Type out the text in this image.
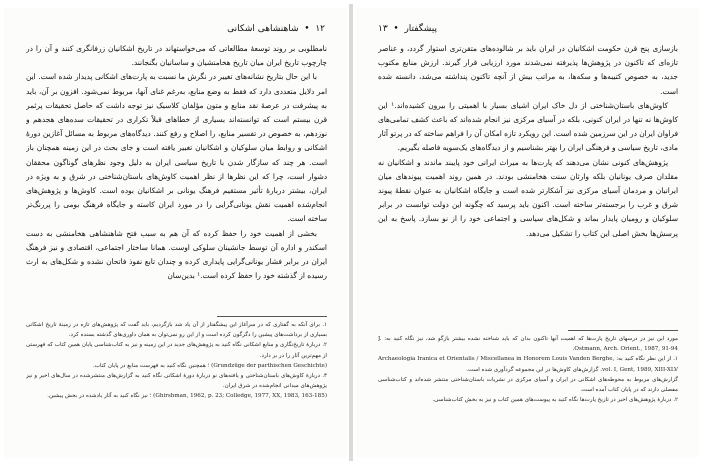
۱۲  •  شاهنشاهی اشکانی

نامطلوبی بر روند توسعهٔ مطالعاتی که می‌خواستهاند در تاریخ اشکانیان زرفانگری کنند و آن را در چارچوب تاریخ ایران میان تاریخ هخامنشیان و ساسانیان بگنجانند.

با این حال بتاریخ نشانه‌های تغییر در نگرش ما نسبت به پارت‌های اشکانی پدیدار شده است. این امر دلایل متعددی دارد که فقط به وضع منابع، به‌رغم غنای آنها، مربوط نمی‌شود. افزون بر آن، باید به پیشرفت در عرصهٔ نقد منابع و متون مؤلفان کلاسیک نیز توجه داشت که حاصل تحقیقات پرثمر قرن بیستم است که توانسته‌اند بسیاری از خطاهای قبلاً تکراری در تحقیقات سده‌های هجدهم و نوزدهم، به خصوص در تفسیر منابع، را اصلاح و رفع کنند. دیدگاه‌های مربوط به مسائل آغازین دورهٔ اشکانی و روابط میان سلوکیان و اشکانیان تغییر یافته است و جای بحث در این زمینه همچنان باز است. هر چند که سازگار شدن با تاریخ سیاسی ایران به دلیل وجود نظرهای گوناگون محققان دشوار است، چرا که این نظرها از نظر اهمیت کاوش‌های باستان‌شناختی در شرق و به ویژه در ایران، بیشتر دربارهٔ تأثیر مستقیم فرهنگ یونانی بر اشکانیان بوده است. کاوش‌ها و پژوهش‌های انجام‌شده اهمیت نقش یونانی‌گرایی را در مورد ایران کاسته و جایگاه فرهنگ بومی را پررنگ‌تر ساخته است.

بخشی از اهمیت خود را حفظ کرده که آن هم به سبب فتح شاهنشاهی هخامنشی به دست اسکندر و اداره آن توسط جانشینان سلوکی اوست. همانا ساختار اجتماعی، اقتصادی و نیز فرهنگ ایران در برابر فشار یونانی‌گرایی پایداری کرده و چندان تابع نفوذ فاتحان نشده و شکل‌های به ارث رسیده از گذشته خود را حفظ کرده است.¹ بدین‌سان

۱. برای آنکه به گفتاری که در سرآغاز این پیشگفتار از آن یاد شد بازگردیم، باید گفت که پژوهش‌های تازه در زمینهٔ تاریخ اشکانی بسیاری از برداشت‌های پیشین را دگرگون کرده است و از این رو نمی‌توان به همان داوری‌های گذشته بسنده کرد.

۲. دربارهٔ تاریخ‌نگاری و منابع اشکانی نگاه کنید به پژوهش‌های جدید در این زمینه و نیز به کتاب‌شناسی پایان همین کتاب که فهرستی از مهم‌ترین آثار را در بر دارد.

(Grundzüge der parthischen Geschichte) ؛ همچنین نگاه کنید به فهرست منابع در پایان کتاب.

۳. دربارهٔ کاوش‌های باستان‌شناختی و یافته‌های نو دربارهٔ دورهٔ اشکانی نگاه کنید به گزارش‌های منتشرشده در سال‌های اخیر و نیز پژوهش‌های میدانی انجام‌شده در شرق ایران.

(Ghirshman, 1962, p. 23; Colledge, 1977, XX, 1983, 163-185) ؛ نیز نگاه کنید به آثار یادشده در بخش پیشین.

پیشگفتار  •  ۱۳

بازسازی پنج قرن حکومت اشکانیان در ایران باید بر شالوده‌های متقن‌تری استوار گردد، و عناصر تازه‌ای که تاکنون در پژوهش‌ها پذیرفته نمی‌شدند مورد ارزیابی قرار گیرند. ارزش منابع مکتوب جدید، به خصوص کتیبه‌ها و سکه‌ها، به مراتب بیش از آنچه تاکنون پنداشته می‌شد، دانسته شده است.

کاوش‌های باستان‌شناختی از دل خاک ایران اشیای بسیار با اهمیتی را بیرون کشیده‌اند.¹ این کاوش‌ها نه تنها در ایران کنونی، بلکه در آسیای مرکزی نیز انجام شده‌اند که باعث کشف تمامی‌های فراوان ایران در این سرزمین شده است. این رویکرد تازه امکان آن را فراهم ساخته که در پرتو آثار مادی، تاریخ سیاسی و فرهنگی ایران را بهتر بشناسیم و از دیدگاه‌های یک‌سویه فاصله بگیریم.

پژوهش‌های کنونی نشان می‌دهند که پارت‌ها به میراث ایرانی خود پایبند ماندند و اشکانیان نه مقلدان صرف یونانیان بلکه وارثان سنت هخامنشی بودند. در همین روند اهمیت پیوندهای میان ایرانیان و مردمان آسیای مرکزی نیز آشکارتر شده است و جایگاه اشکانیان به عنوان نقطهٔ پیوند شرق و غرب را برجسته‌تر ساخته است. اکنون باید پرسید که چگونه این دولت توانست در برابر سلوکیان و رومیان پایدار بماند و شکل‌های سیاسی و اجتماعی خود را از نو بسازد. پاسخ به این پرسش‌ها بخش اصلی این کتاب را تشکیل می‌دهد.

مورد این نیز در درسهای تاریخ پارت‌ها که اهمیت آنها تاکنون بدان که باید شناخته نشده بیشتر بازگو شد، نیز نگاه کنید به: J. Ostmann, Arch. Orient., 1987, 91-94.

۱. از این نظر نگاه کنید به: Archaeologia Iranica et Orientalis / Miscellanea in Honorem Louis Vanden Berghe, vol. I, Gent, 1989, XIII-XLV. گزارش‌های کاوش‌ها در این مجموعه گردآوری شده است.

گزارش‌های مربوط به محوطه‌های اشکانی در ایران و آسیای مرکزی در نشریات باستان‌شناختی منتشر شده‌اند و کتاب‌شناسی مفصلی دارند که در پایان کتاب آمده است.

۲. دربارهٔ پژوهش‌های اخیر در تاریخ پارت‌ها نگاه کنید به پیوست‌های همین کتاب و نیز به بخش کتاب‌شناسی.
